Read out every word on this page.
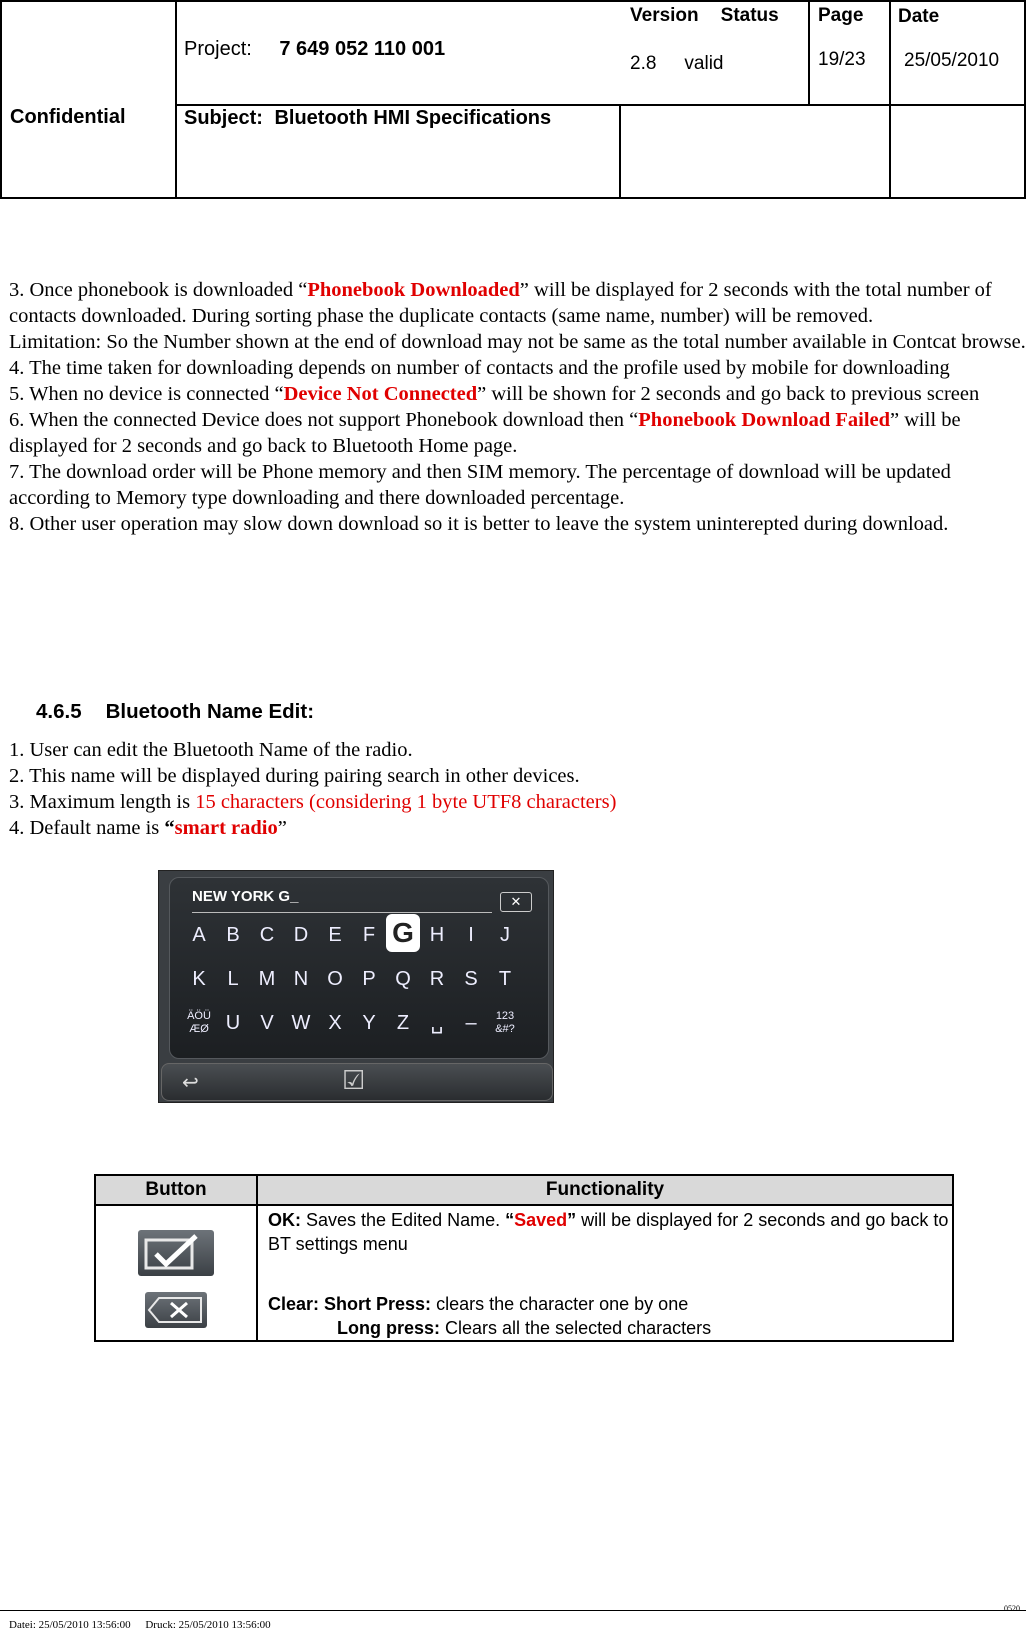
Confidential
Project: 7 649 052 110 001
Version Status
2.8 valid
Page
19/23
Date
25/05/2010
Subject: Bluetooth HMI Specifications

3. Once phonebook is downloaded “Phonebook Downloaded” will be displayed for 2 seconds with the total number of contacts downloaded. During sorting phase the duplicate contacts (same name, number) will be removed.

Limitation: So the Number shown at the end of download may not be same as the total number available in Contcat browse.

4. The time taken for downloading depends on number of contacts and the profile used by mobile for downloading

5. When no device is connected “Device Not Connected” will be shown for 2 seconds and go back to previous screen

6. When the connected Device does not support Phonebook download then “Phonebook Download Failed” will be displayed for 2 seconds and go back to Bluetooth Home page.

7. The download order will be Phone memory and then SIM memory. The percentage of download will be updated according to Memory type downloading and there downloaded percentage.

8. Other user operation may slow down download so it is better to leave the system uninterepted during download.

4.6.5 Bluetooth Name Edit:

1. User can edit the Bluetooth Name of the radio.

2. This name will be displayed during pairing search in other devices.

3. Maximum length is 15 characters (considering 1 byte UTF8 characters)

4. Default name is “smart radio”

NEW YORK G_	✕
A	B	C D	E	F G H	I	J
K	L	M N O P Q R	S	T
ÄÖÜ
ÆØ U	V W X	Y	Z	␣	–	123
&#?
↩	☑
Button	Functionality

OK: Saves the Edited Name. “Saved” will be displayed for 2 seconds and go back to BT settings menu
Clear: Short Press: clears the character one by one
Long press: Clears all the selected characters
Datei: 25/05/2010 13:56:00 Druck: 25/05/2010 13:56:00
0520
